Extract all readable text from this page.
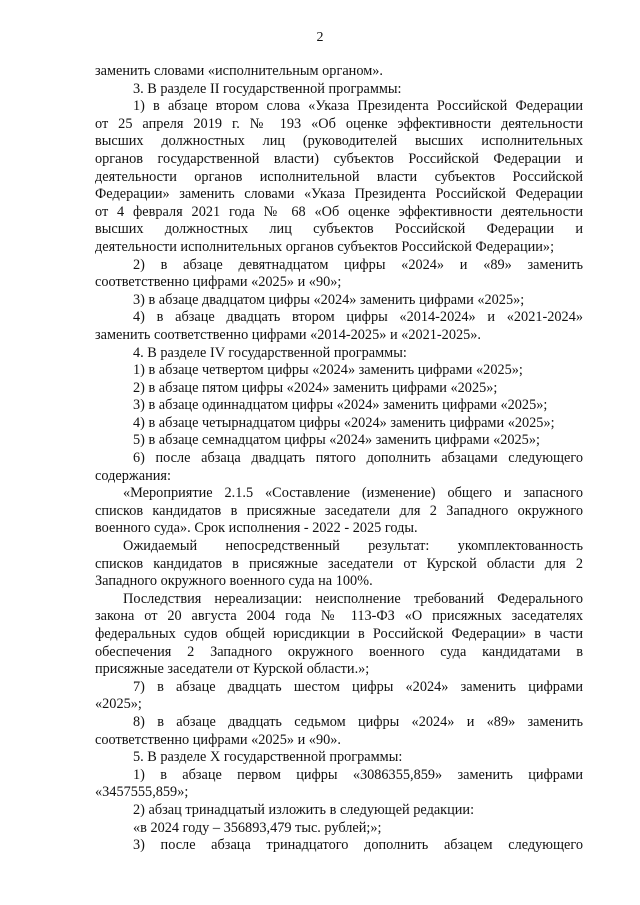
2
заменить словами «исполнительным органом».
3. В разделе II государственной программы:
1) в абзаце втором слова «Указа Президента Российской Федерации
от 25 апреля 2019 г. № 193 «Об оценке эффективности деятельности
высших должностных лиц (руководителей высших исполнительных
органов государственной власти) субъектов Российской Федерации и
деятельности органов исполнительной власти субъектов Российской
Федерации» заменить словами «Указа Президента Российской Федерации
от 4 февраля 2021 года № 68 «Об оценке эффективности деятельности
высших должностных лиц субъектов Российской Федерации и
деятельности исполнительных органов субъектов Российской Федерации»;
2) в абзаце девятнадцатом цифры «2024» и «89» заменить
соответственно цифрами «2025» и «90»;
3) в абзаце двадцатом цифры «2024» заменить цифрами «2025»;
4) в абзаце двадцать втором цифры «2014-2024» и «2021-2024»
заменить соответственно цифрами «2014-2025» и «2021-2025».
4. В разделе IV государственной программы:
1) в абзаце четвертом цифры «2024» заменить цифрами «2025»;
2) в абзаце пятом цифры «2024» заменить цифрами «2025»;
3) в абзаце одиннадцатом цифры «2024» заменить цифрами «2025»;
4) в абзаце четырнадцатом цифры «2024» заменить цифрами «2025»;
5) в абзаце семнадцатом цифры «2024» заменить цифрами «2025»;
6) после абзаца двадцать пятого дополнить абзацами следующего
содержания:
«Мероприятие 2.1.5 «Составление (изменение) общего и запасного
списков кандидатов в присяжные заседатели для 2 Западного окружного
военного суда». Срок исполнения - 2022 - 2025 годы.
Ожидаемый непосредственный результат: укомплектованность
списков кандидатов в присяжные заседатели от Курской области для 2
Западного окружного военного суда на 100%.
Последствия нереализации: неисполнение требований Федерального
закона от 20 августа 2004 года № 113-ФЗ «О присяжных заседателях
федеральных судов общей юрисдикции в Российской Федерации» в части
обеспечения 2 Западного окружного военного суда кандидатами в
присяжные заседатели от Курской области.»;
7) в абзаце двадцать шестом цифры «2024» заменить цифрами
«2025»;
8) в абзаце двадцать седьмом цифры «2024» и «89» заменить
соответственно цифрами «2025» и «90».
5. В разделе X государственной программы:
1) в абзаце первом цифры «3086355,859» заменить цифрами
«3457555,859»;
2) абзац тринадцатый изложить в следующей редакции:
«в 2024 году – 356893,479 тыс. рублей;»;
3) после абзаца тринадцатого дополнить абзацем следующего
